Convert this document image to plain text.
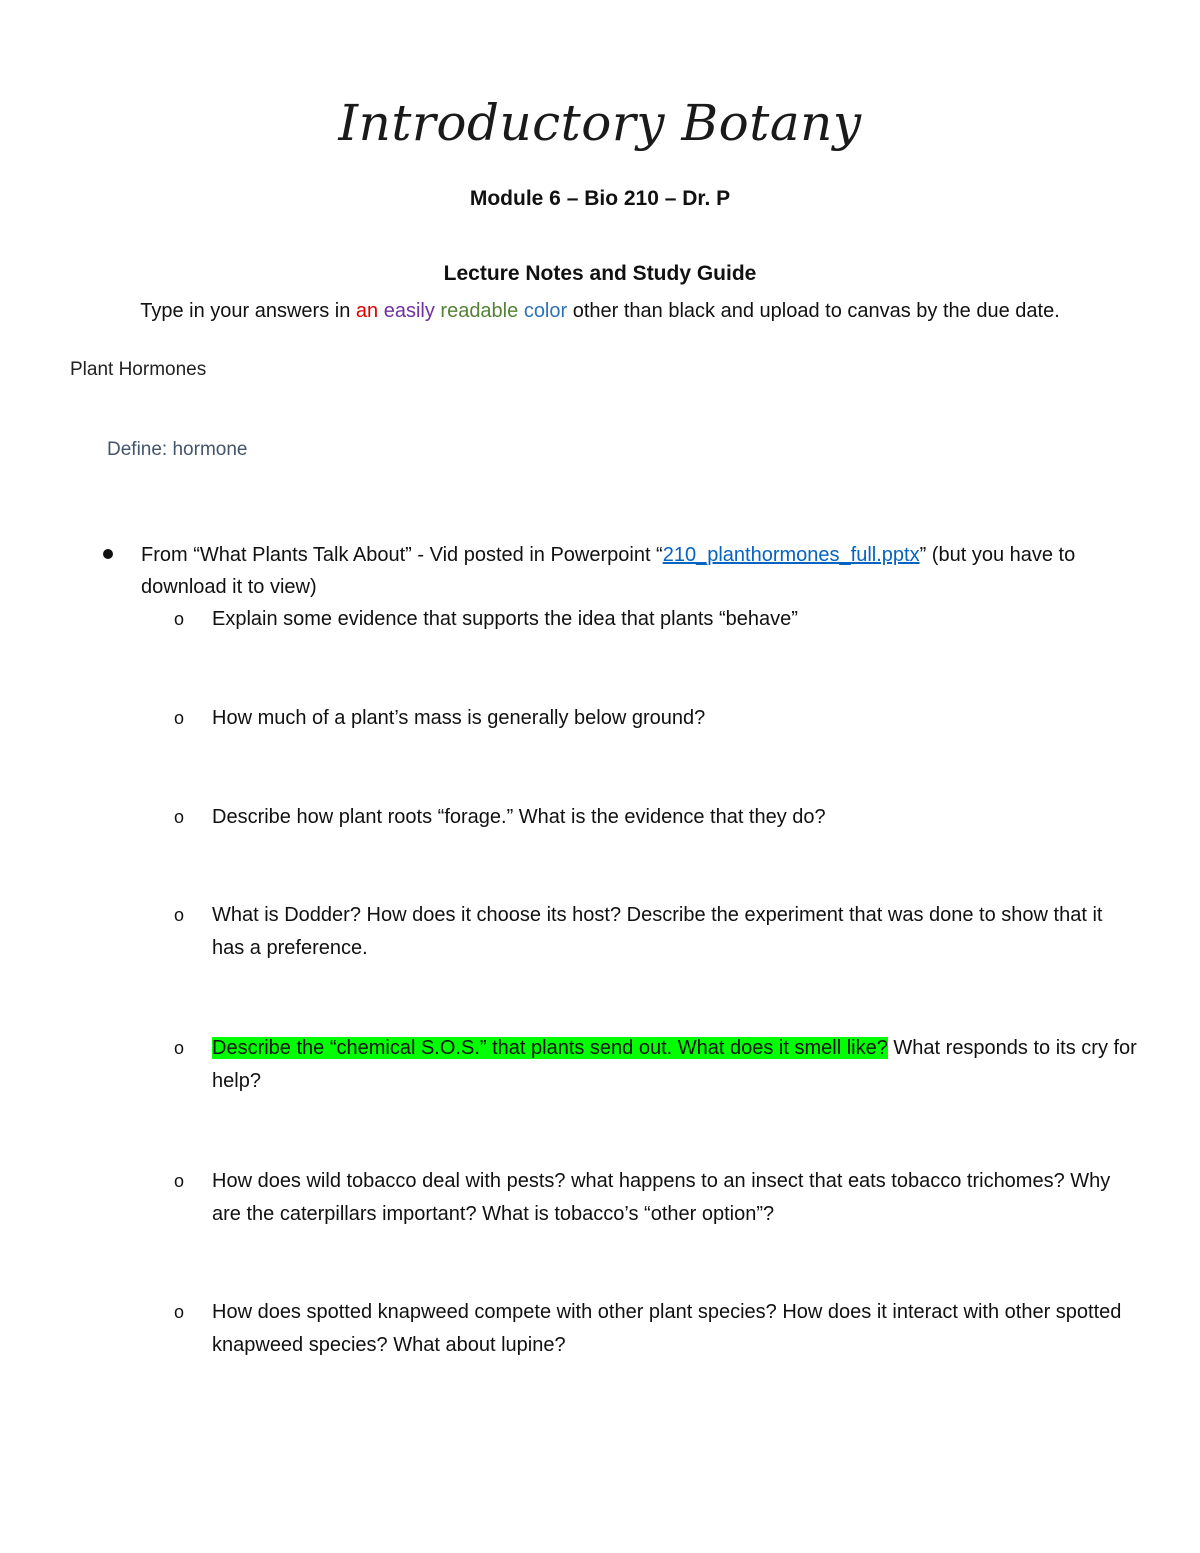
Introductory Botany
Module 6 – Bio 210 – Dr. P
Lecture Notes and Study Guide
Type in your answers in an easily readable color other than black and upload to canvas by the due date.
Plant Hormones
Define: hormone
From “What Plants Talk About” - Vid posted in Powerpoint “210_planthormones_full.pptx” (but you have to download it to view)
o Explain some evidence that supports the idea that plants “behave”
o How much of a plant’s mass is generally below ground?
o Describe how plant roots “forage.” What is the evidence that they do?
o What is Dodder? How does it choose its host? Describe the experiment that was done to show that it has a preference.
o Describe the “chemical S.O.S.” that plants send out. What does it smell like? What responds to its cry for help?
o How does wild tobacco deal with pests? what happens to an insect that eats tobacco trichomes? Why are the caterpillars important? What is tobacco’s “other option”?
o How does spotted knapweed compete with other plant species? How does it interact with other spotted knapweed species? What about lupine?
